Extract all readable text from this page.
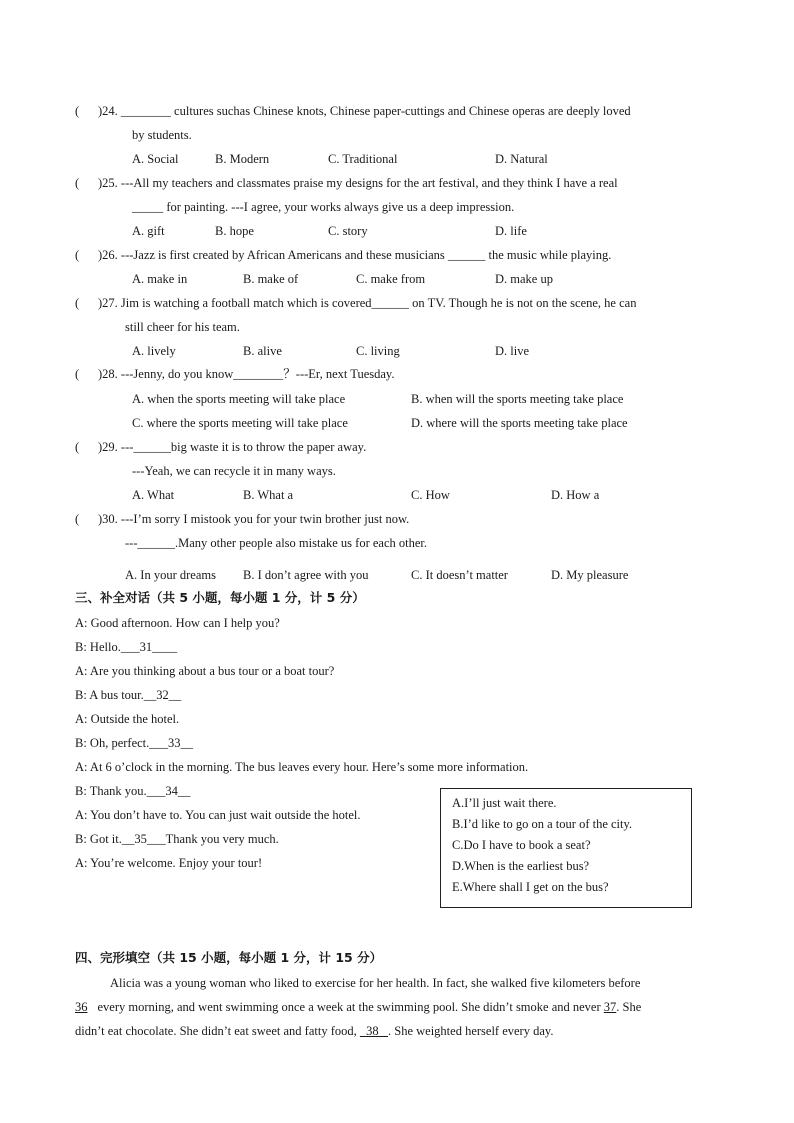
( )24. ________ cultures suchas Chinese knots, Chinese paper-cuttings and Chinese operas are deeply loved
by students.
A. Social	B. Modern	C. Traditional	D. Natural
( )25. ---All my teachers and classmates praise my designs for the art festival, and they think I have a real
_____ for painting. ---I agree, your works always give us a deep impression.
A. gift	B. hope	C. story	D. life
( )26. ---Jazz is first created by African Americans and these musicians ______ the music while playing.
A. make in	B. make of	C. make from	D. make up
( )27. Jim is watching a football match which is covered______ on TV. Though he is not on the scene, he can
still cheer for his team.
A. lively	B. alive	C. living	D. live
( )28. ---Jenny, do you know________？---Er, next Tuesday.
A. when the sports meeting will take place	B. when will the sports meeting take place
C. where the sports meeting will take place	D. where will the sports meeting take place
( )29. ---______big waste it is to throw the paper away.
---Yeah, we can recycle it in many ways.
A. What	B. What a	C. How	D. How a
( )30. ---I’m sorry I mistook you for your twin brother just now.
---______.Many other people also mistake us for each other.
A. In your dreams B. I don’t agree with you	C. It doesn’t matter	D. My pleasure
三、补全对话（共 5 小题，每小题 1 分，计 5 分）
A: Good afternoon. How can I help you?
B: Hello.___31____
A: Are you thinking about a bus tour or a boat tour?
B: A bus tour.__32__
A: Outside the hotel.
B: Oh, perfect.___33__
A: At 6 o’clock in the morning. The bus leaves every hour. Here’s some more information.
B: Thank you.___34__
A: You don’t have to. You can just wait outside the hotel.
B: Got it.__35___Thank you very much.
A: You’re welcome. Enjoy your tour!
A.I’ll just wait there.
B.I’d like to go on a tour of the city.
C.Do I have to book a seat?
D.When is the earliest bus?
E.Where shall I get on the bus?
四、完形填空（共 15 小题，每小题 1 分，计 15 分）
Alicia was a young woman who liked to exercise for her health. In fact, she walked five kilometers before
36 every morning, and went swimming once a week at the swimming pool. She didn’t smoke and never 37. She
didn’t eat chocolate. She didn’t eat sweet and fatty food, 38 . She weighted herself every day.
